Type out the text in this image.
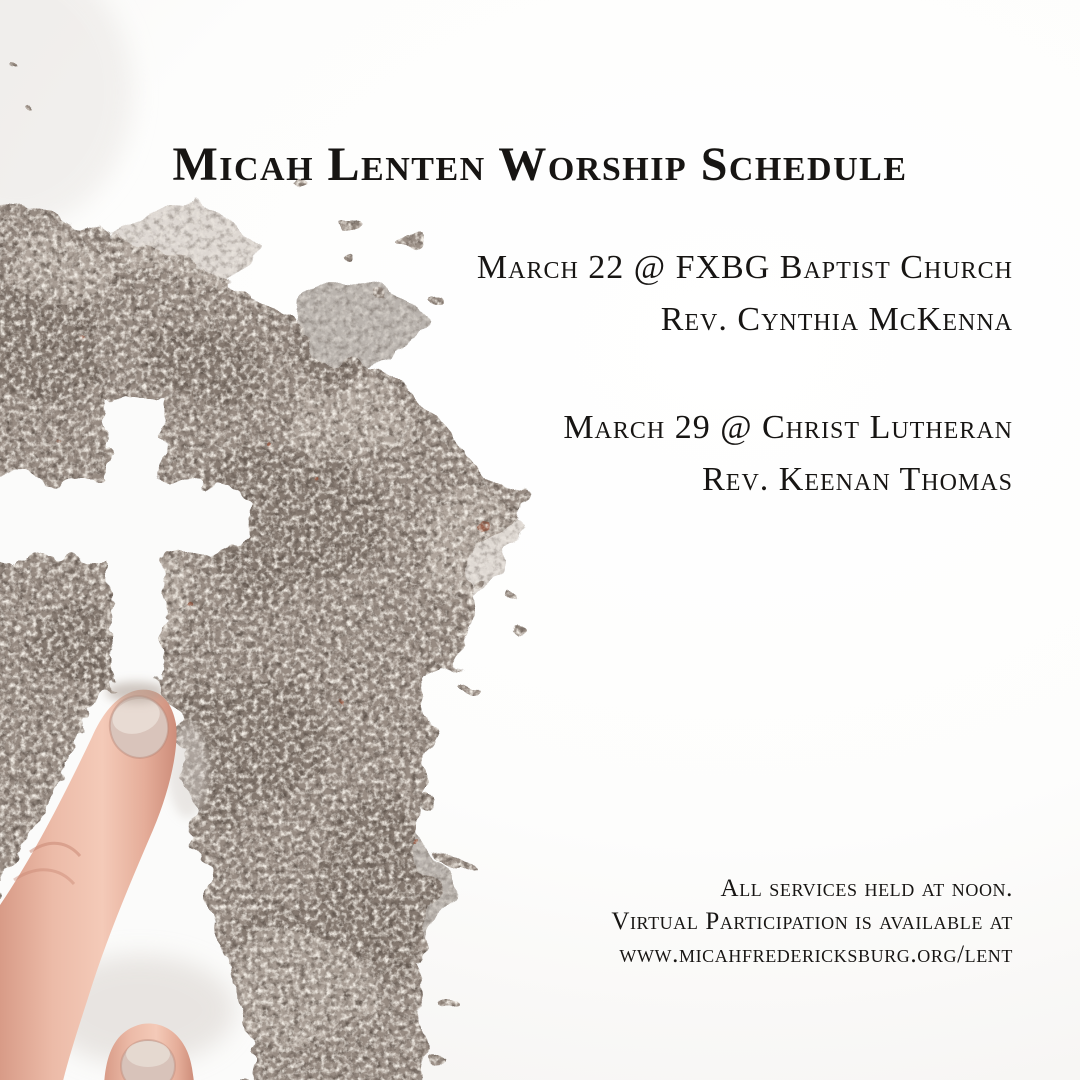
Micah Lenten Worship Schedule
March 22 @ FXBG Baptist Church
Rev. Cynthia McKenna
March 29 @ Christ Lutheran
Rev. Keenan Thomas
All services held at noon.
Virtual Participation is available at
www.micahfredericksburg.org/lent
